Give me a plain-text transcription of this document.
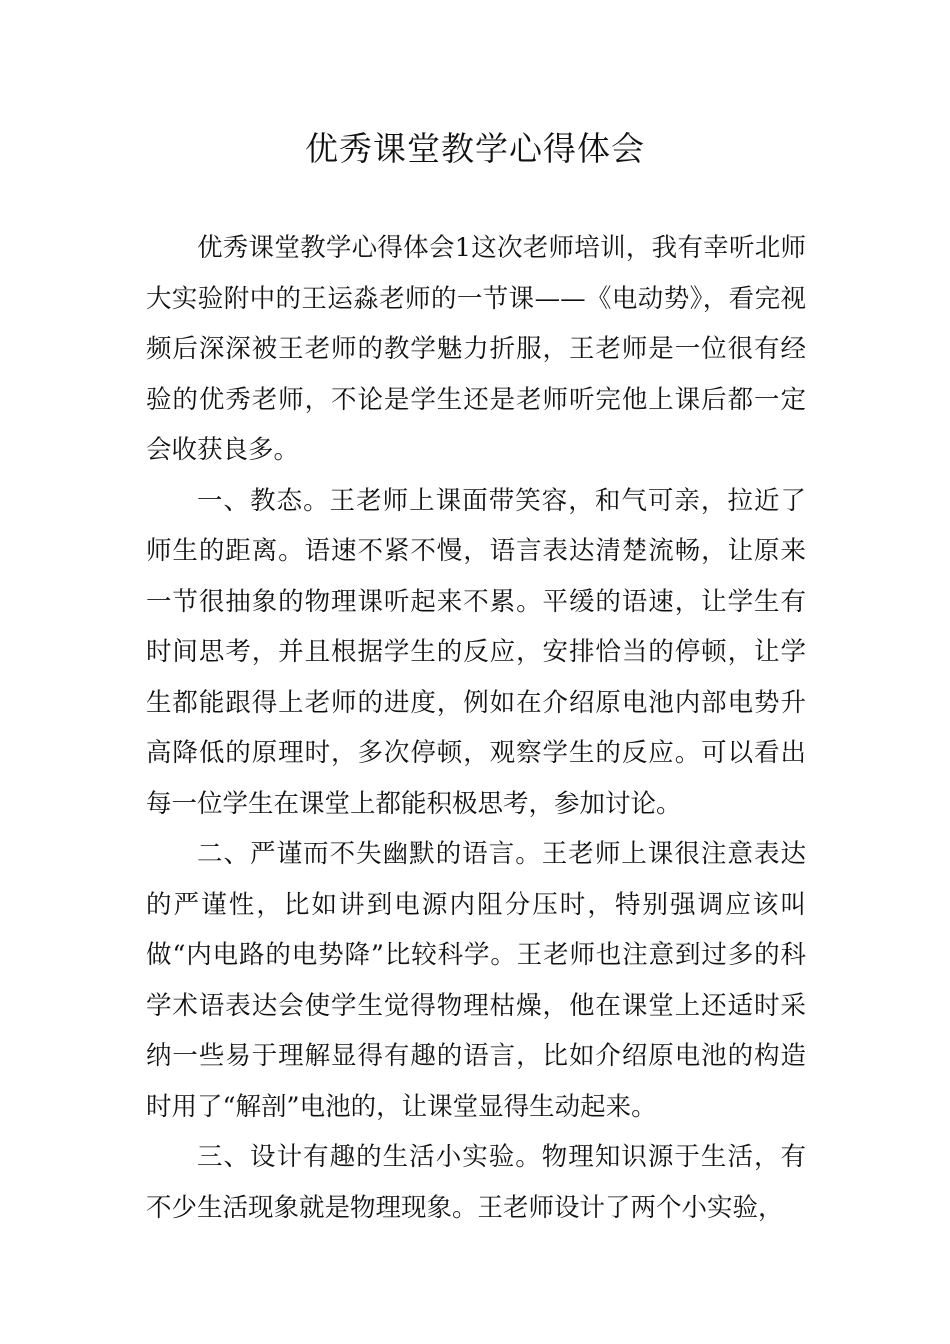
优秀课堂教学心得体会

优秀课堂教学心得体会1这次老师培训，我有幸听北师大实验附中的王运淼老师的一节课——《电动势》，看完视频后深深被王老师的教学魅力折服，王老师是一位很有经验的优秀老师，不论是学生还是老师听完他上课后都一定会收获良多。

一、教态。王老师上课面带笑容，和气可亲，拉近了师生的距离。语速不紧不慢，语言表达清楚流畅，让原来一节很抽象的物理课听起来不累。平缓的语速，让学生有时间思考，并且根据学生的反应，安排恰当的停顿，让学生都能跟得上老师的进度，例如在介绍原电池内部电势升高降低的原理时，多次停顿，观察学生的反应。可以看出每一位学生在课堂上都能积极思考，参加讨论。

二、严谨而不失幽默的语言。王老师上课很注意表达的严谨性，比如讲到电源内阻分压时，特别强调应该叫做“内电路的电势降”比较科学。王老师也注意到过多的科学术语表达会使学生觉得物理枯燥，他在课堂上还适时采纳一些易于理解显得有趣的语言，比如介绍原电池的构造时用了“解剖”电池的，让课堂显得生动起来。

三、设计有趣的生活小实验。物理知识源于生活，有不少生活现象就是物理现象。王老师设计了两个小实验，
